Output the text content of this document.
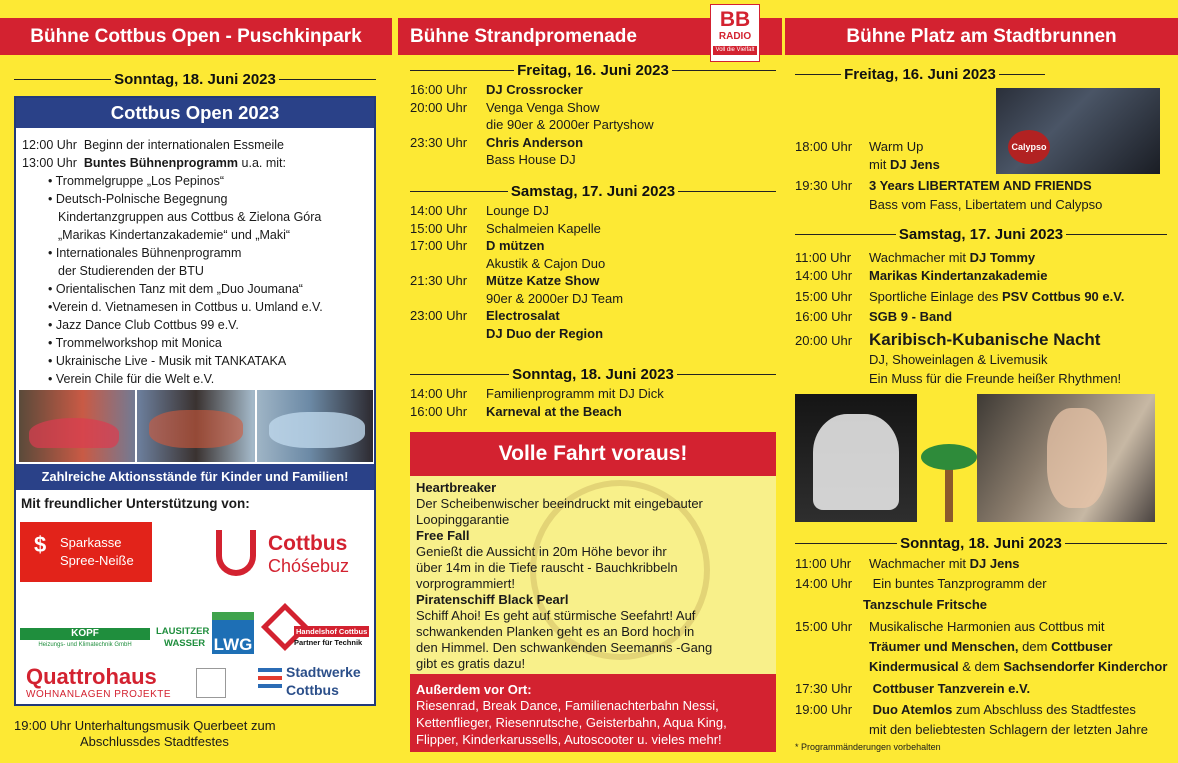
Bühne Cottbus Open - Puschkinpark
Sonntag, 18. Juni 2023
Cottbus Open 2023
12:00 Uhr Beginn der internationalen Essmeile
13:00 Uhr Buntes Bühnenprogramm u.a. mit:
• Trommelgruppe „Los Pepinos“
• Deutsch-Polnische Begegnung
Kindertanzgruppen aus Cottbus & Zielona Góra
„Marikas Kindertanzakademie“ und „Maki“
• Internationales Bühnenprogramm
der Studierenden der BTU
• Orientalischen Tanz mit dem „Duo Joumana“
•Verein d. Vietnamesen in Cottbus u. Umland e.V.
• Jazz Dance Club Cottbus 99 e.V.
• Trommelworkshop mit Monica
• Ukrainische Live - Musik mit TANKATAKA
• Verein Chile für die Welt e.V.
Zahlreiche Aktionsstände für Kinder und Familien!
Mit freundlicher Unterstützung von:
$ Sparkasse
Spree-Neiße
Cottbus
Chóśebuz
KOPF
Heizungs- und Klimatechnik GmbH
LAUSITZER
WASSER LWG
Handelshof Cottbus
Partner für Technik
Quattrohaus
WOHNANLAGEN PROJEKTE
Stadtwerke
Cottbus
19:00 Uhr Unterhaltungsmusik Querbeet zum
Abschlussdes Stadtfestes
Bühne Strandpromenade
BB
RADIO
Voll die Vielfalt
Freitag, 16. Juni 2023
16:00 Uhr DJ Crossrocker
20:00 Uhr Venga Venga Show
die 90er & 2000er Partyshow
23:30 Uhr Chris Anderson
Bass House DJ
Samstag, 17. Juni 2023
14:00 Uhr Lounge DJ
15:00 Uhr Schalmeien Kapelle
17:00 Uhr D mützen
Akustik & Cajon Duo
21:30 Uhr Mütze Katze Show
90er & 2000er DJ Team
23:00 Uhr Electrosalat
DJ Duo der Region
Sonntag, 18. Juni 2023
14:00 Uhr Familienprogramm mit DJ Dick
16:00 Uhr Karneval at the Beach
Volle Fahrt voraus!
Heartbreaker
Der Scheibenwischer beeindruckt mit eingebauter
Loopinggarantie
Free Fall
Genießt die Aussicht in 20m Höhe bevor ihr
über 14m in die Tiefe rauscht - Bauchkribbeln
vorprogrammiert!
Piratenschiff Black Pearl
Schiff Ahoi! Es geht auf stürmische Seefahrt! Auf
schwankenden Planken geht es an Bord hoch in
den Himmel. Den schwankenden Seemanns -Gang
gibt es gratis dazu!
Außerdem vor Ort:
Riesenrad, Break Dance, Familienachterbahn Nessi,
Kettenflieger, Riesenrutsche, Geisterbahn, Aqua King,
Flipper, Kinderkarussells, Autoscooter u. vieles mehr!
Bühne Platz am Stadtbrunnen
Freitag, 16. Juni 2023
Calypso
18:00 Uhr Warm Up
mit DJ Jens
19:30 Uhr 3 Years LIBERTATEM AND FRIENDS
Bass vom Fass, Libertatem und Calypso
Samstag, 17. Juni 2023
11:00 Uhr Wachmacher mit DJ Tommy
14:00 Uhr Marikas Kindertanzakademie
15:00 Uhr Sportliche Einlage des PSV Cottbus 90 e.V.
16:00 Uhr SGB 9 - Band
20:00 Uhr Karibisch-Kubanische Nacht
DJ, Showeinlagen & Livemusik
Ein Muss für die Freunde heißer Rhythmen!
Sonntag, 18. Juni 2023
11:00 Uhr Wachmacher mit DJ Jens
14:00 Uhr Ein buntes Tanzprogramm der
Tanzschule Fritsche
15:00 Uhr Musikalische Harmonien aus Cottbus mit
Träumer und Menschen, dem Cottbuser
Kindermusical & dem Sachsendorfer Kinderchor
17:30 Uhr Cottbuser Tanzverein e.V.
19:00 Uhr Duo Atemlos zum Abschluss des Stadtfestes
mit den beliebtesten Schlagern der letzten Jahre
* Programmänderungen vorbehalten
